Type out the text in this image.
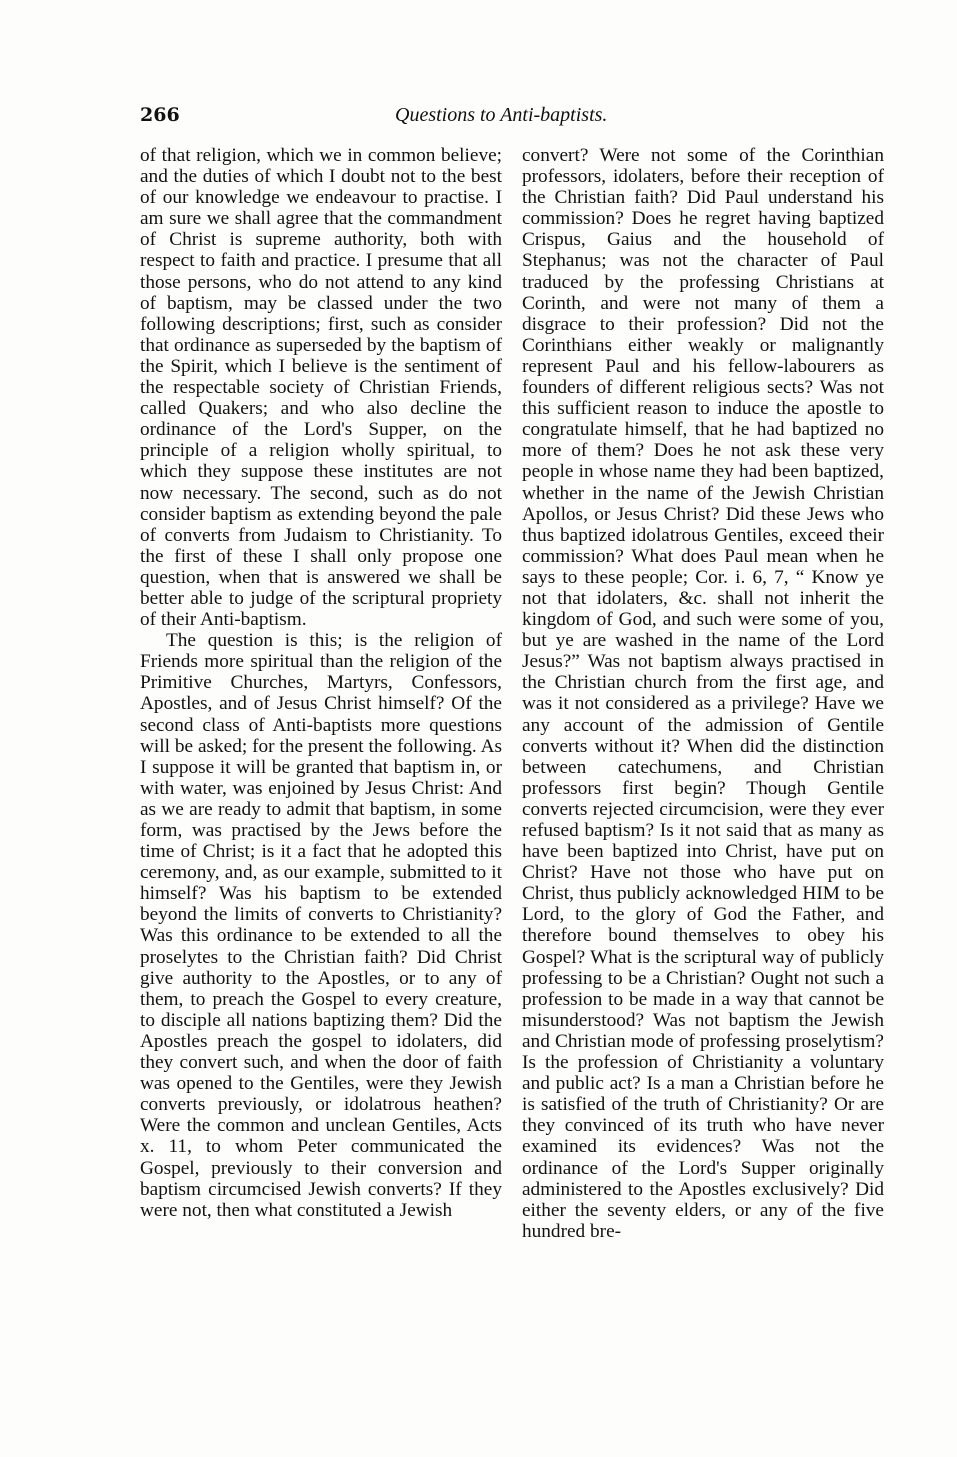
266	Questions to Anti-baptists.

of that religion, which we in common believe; and the duties of which I doubt not to the best of our knowledge we endeavour to practise. I am sure we shall agree that the commandment of Christ is supreme authority, both with respect to faith and practice. I presume that all those persons, who do not attend to any kind of baptism, may be classed under the two following descriptions; first, such as consider that ordinance as superseded by the baptism of the Spirit, which I believe is the sentiment of the respectable society of Christian Friends, called Quakers; and who also decline the ordinance of the Lord's Supper, on the principle of a religion wholly spiritual, to which they suppose these institutes are not now necessary. The second, such as do not consider baptism as extending beyond the pale of converts from Judaism to Christianity. To the first of these I shall only propose one question, when that is answered we shall be better able to judge of the scriptural propriety of their Anti-baptism.

The question is this; is the religion of Friends more spiritual than the religion of the Primitive Churches, Martyrs, Confessors, Apostles, and of Jesus Christ himself? Of the second class of Anti-baptists more questions will be asked; for the present the following. As I suppose it will be granted that baptism in, or with water, was enjoined by Jesus Christ: And as we are ready to admit that baptism, in some form, was practised by the Jews before the time of Christ; is it a fact that he adopted this ceremony, and, as our example, submitted to it himself? Was his baptism to be extended beyond the limits of converts to Christianity? Was this ordinance to be extended to all the proselytes to the Christian faith? Did Christ give authority to the Apostles, or to any of them, to preach the Gospel to every creature, to disciple all nations baptizing them? Did the Apostles preach the gospel to idolaters, did they convert such, and when the door of faith was opened to the Gentiles, were they Jewish converts previously, or idolatrous heathen? Were the common and unclean Gentiles, Acts x. 11, to whom Peter communicated the Gospel, previously to their conversion and baptism circumcised Jewish converts? If they were not, then what constituted a Jewish

convert? Were not some of the Corinthian professors, idolaters, before their reception of the Christian faith? Did Paul understand his commission? Does he regret having baptized Crispus, Gaius and the household of Stephanus; was not the character of Paul traduced by the professing Christians at Corinth, and were not many of them a disgrace to their profession? Did not the Corinthians either weakly or malignantly represent Paul and his fellow-labourers as founders of different religious sects? Was not this sufficient reason to induce the apostle to congratulate himself, that he had baptized no more of them? Does he not ask these very people in whose name they had been baptized, whether in the name of the Jewish Christian Apollos, or Jesus Christ? Did these Jews who thus baptized idolatrous Gentiles, exceed their commission? What does Paul mean when he says to these people; Cor. i. 6, 7, “ Know ye not that idolaters, &c. shall not inherit the kingdom of God, and such were some of you, but ye are washed in the name of the Lord Jesus?” Was not baptism always practised in the Christian church from the first age, and was it not considered as a privilege? Have we any account of the admission of Gentile converts without it? When did the distinction between catechumens, and Christian professors first begin? Though Gentile converts rejected circumcision, were they ever refused baptism? Is it not said that as many as have been baptized into Christ, have put on Christ? Have not those who have put on Christ, thus publicly acknowledged HIM to be Lord, to the glory of God the Father, and therefore bound themselves to obey his Gospel? What is the scriptural way of publicly professing to be a Christian? Ought not such a profession to be made in a way that cannot be misunderstood? Was not baptism the Jewish and Christian mode of professing proselytism? Is the profession of Christianity a voluntary and public act? Is a man a Christian before he is satisfied of the truth of Christianity? Or are they convinced of its truth who have never examined its evidences? Was not the ordinance of the Lord's Supper originally administered to the Apostles exclusively? Did either the seventy elders, or any of the five hundred bre-
